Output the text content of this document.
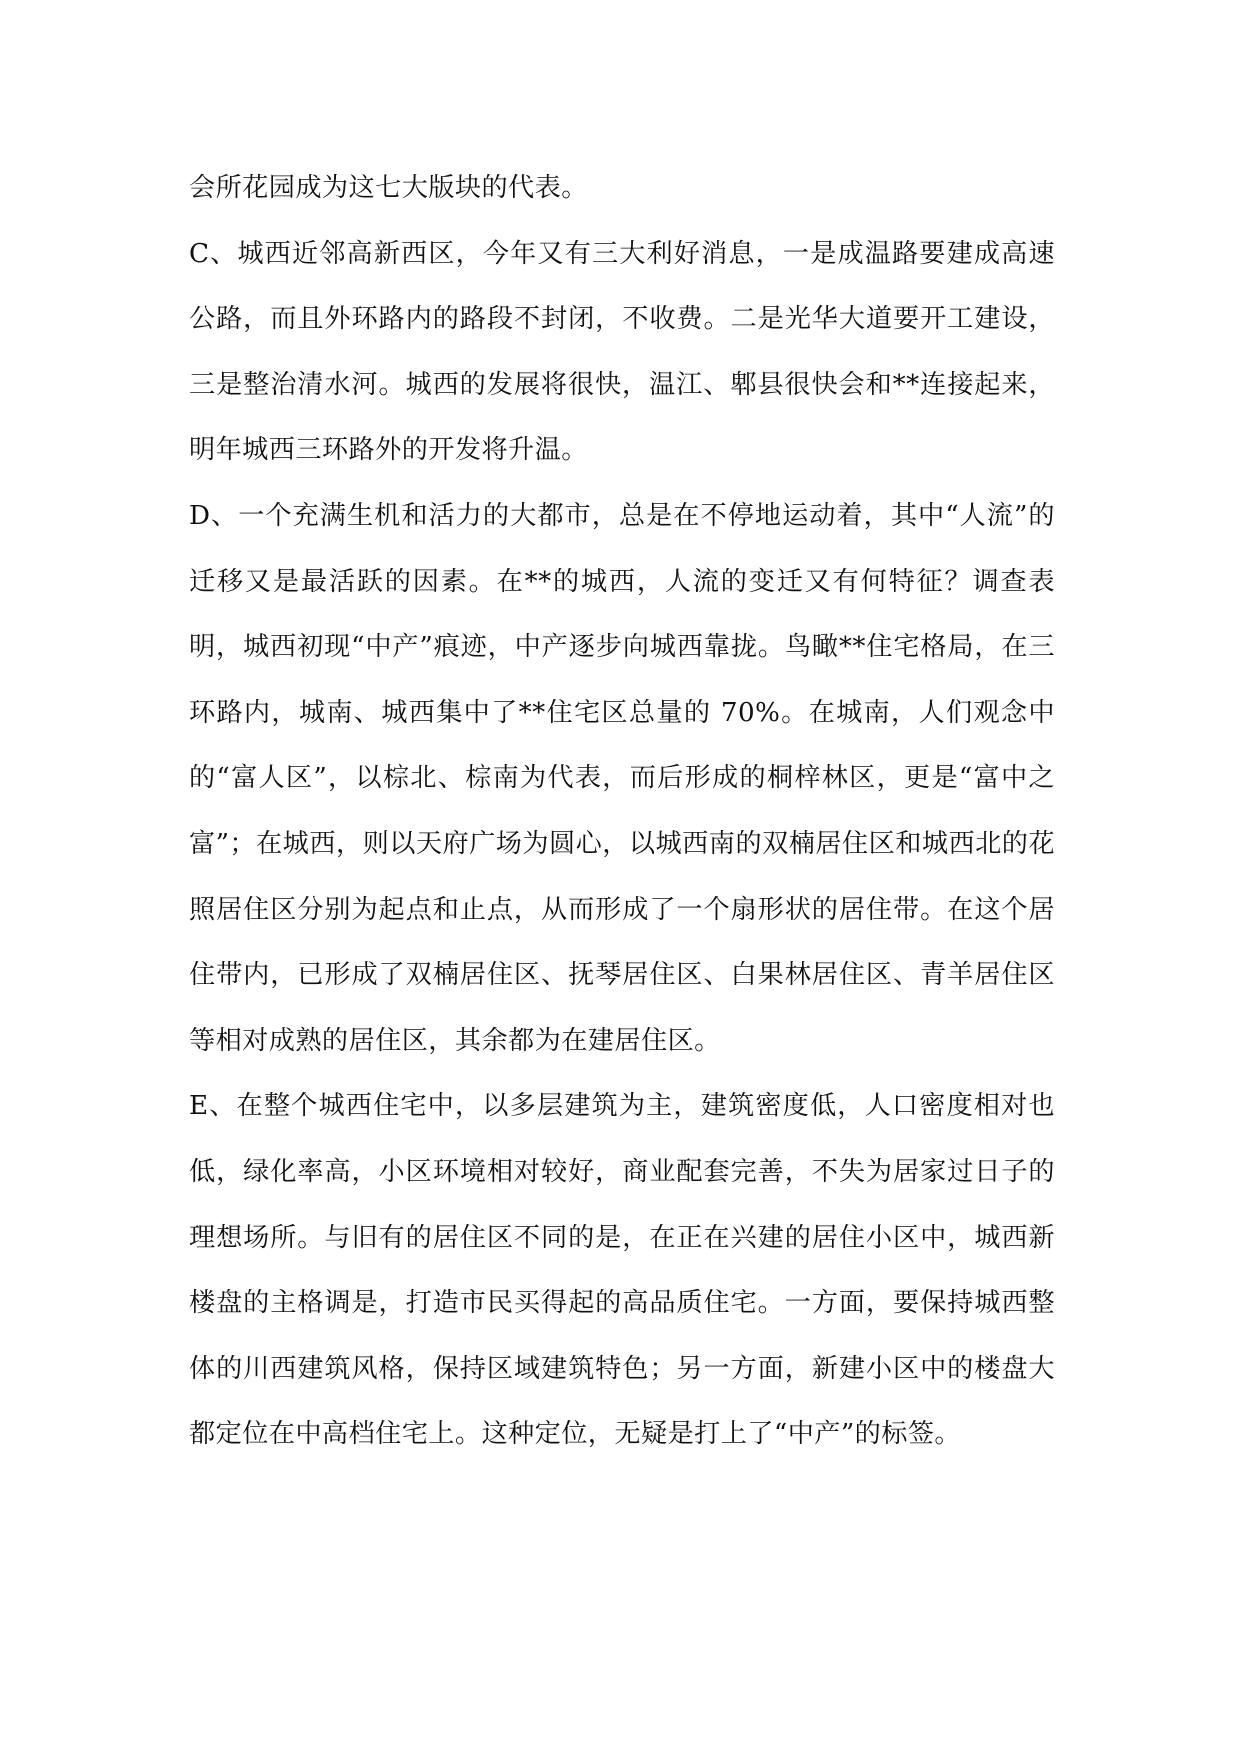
会所花园成为这七大版块的代表。

C、城西近邻高新西区，今年又有三大利好消息，一是成温路要建成高速公路，而且外环路内的路段不封闭，不收费。二是光华大道要开工建设，三是整治清水河。城西的发展将很快，温江、郫县很快会和**连接起来，明年城西三环路外的开发将升温。

D、一个充满生机和活力的大都市，总是在不停地运动着，其中“人流”的迁移又是最活跃的因素。在**的城西，人流的变迁又有何特征？调查表明，城西初现“中产”痕迹，中产逐步向城西靠拢。鸟瞰**住宅格局，在三环路内，城南、城西集中了**住宅区总量的 70%。在城南，人们观念中的“富人区”，以棕北、棕南为代表，而后形成的桐梓林区，更是“富中之富”；在城西，则以天府广场为圆心，以城西南的双楠居住区和城西北的花照居住区分别为起点和止点，从而形成了一个扇形状的居住带。在这个居住带内，已形成了双楠居住区、抚琴居住区、白果林居住区、青羊居住区等相对成熟的居住区，其余都为在建居住区。

E、在整个城西住宅中，以多层建筑为主，建筑密度低，人口密度相对也低，绿化率高，小区环境相对较好，商业配套完善，不失为居家过日子的理想场所。与旧有的居住区不同的是，在正在兴建的居住小区中，城西新楼盘的主格调是，打造市民买得起的高品质住宅。一方面，要保持城西整体的川西建筑风格，保持区域建筑特色；另一方面，新建小区中的楼盘大都定位在中高档住宅上。这种定位，无疑是打上了“中产”的标签。
